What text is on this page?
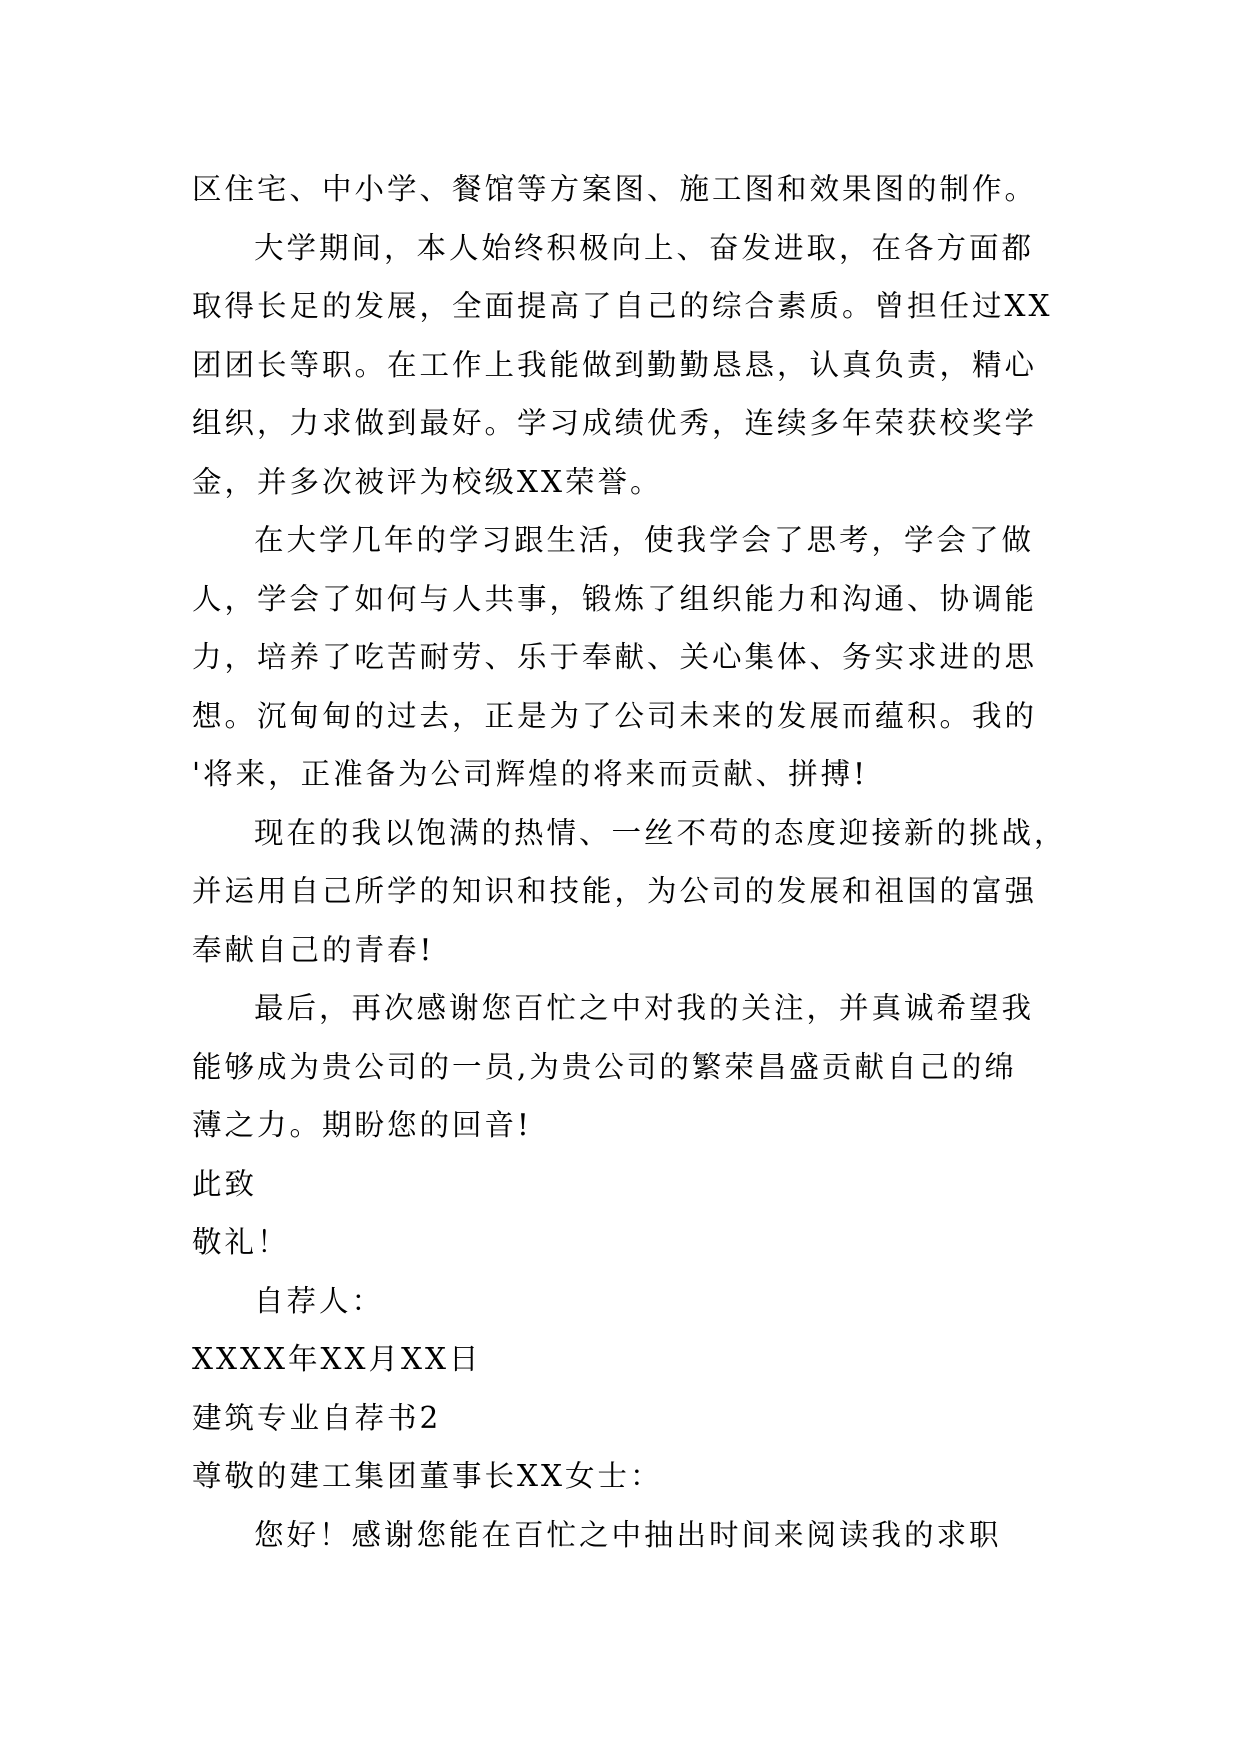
区住宅、中小学、餐馆等方案图、施工图和效果图的制作。
大学期间，本人始终积极向上、奋发进取，在各方面都
取得长足的发展，全面提高了自己的综合素质。曾担任过XX
团团长等职。在工作上我能做到勤勤恳恳，认真负责，精心
组织，力求做到最好。学习成绩优秀，连续多年荣获校奖学
金，并多次被评为校级XX荣誉。
在大学几年的学习跟生活，使我学会了思考，学会了做
人，学会了如何与人共事，锻炼了组织能力和沟通、协调能
力，培养了吃苦耐劳、乐于奉献、关心集体、务实求进的思
想。沉甸甸的过去，正是为了公司未来的发展而蕴积。我的
'将来，正准备为公司辉煌的将来而贡献、拼搏!
现在的我以饱满的热情、一丝不苟的态度迎接新的挑战，
并运用自己所学的知识和技能，为公司的发展和祖国的富强
奉献自己的青春!
最后，再次感谢您百忙之中对我的关注，并真诚希望我
能够成为贵公司的一员,为贵公司的繁荣昌盛贡献自己的绵
薄之力。期盼您的回音!
此致
敬礼！
自荐人：
XXXX年XX月XX日
建筑专业自荐书2
尊敬的建工集团董事长XX女士：
您好！感谢您能在百忙之中抽出时间来阅读我的求职
